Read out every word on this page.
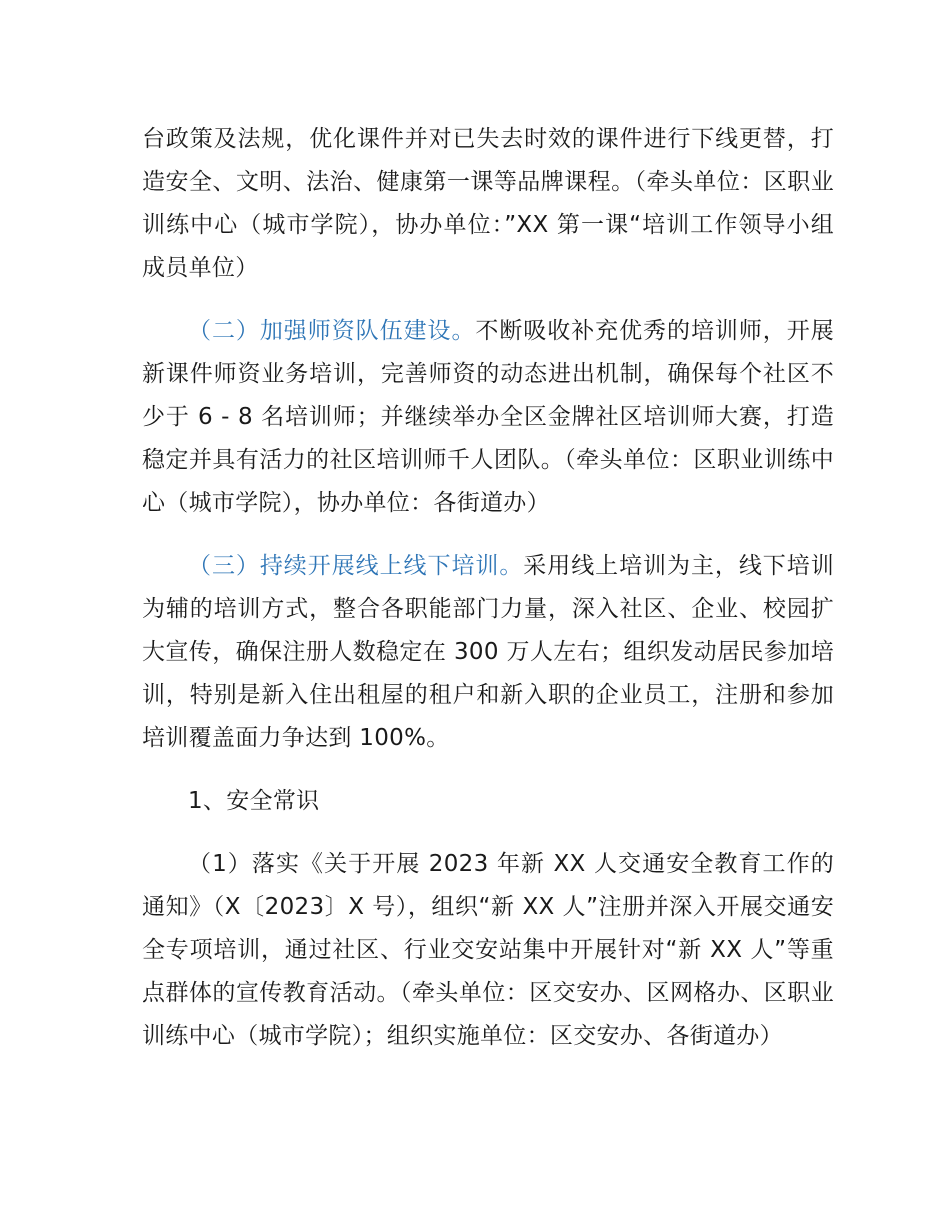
台政策及法规，优化课件并对已失去时效的课件进行下线更替，打造安全、文明、法治、健康第一课等品牌课程。（牵头单位：区职业训练中心（城市学院），协办单位：”XX 第一课“培训工作领导小组成员单位）

（二）加强师资队伍建设。不断吸收补充优秀的培训师，开展新课件师资业务培训，完善师资的动态进出机制，确保每个社区不少于 6 - 8 名培训师；并继续举办全区金牌社区培训师大赛，打造稳定并具有活力的社区培训师千人团队。（牵头单位：区职业训练中心（城市学院），协办单位：各街道办）

（三）持续开展线上线下培训。采用线上培训为主，线下培训为辅的培训方式，整合各职能部门力量，深入社区、企业、校园扩大宣传，确保注册人数稳定在 300 万人左右；组织发动居民参加培训，特别是新入住出租屋的租户和新入职的企业员工，注册和参加培训覆盖面力争达到 100%。

1、安全常识

（1）落实《关于开展 2023 年新 XX 人交通安全教育工作的通知》（X〔2023〕X 号），组织“新 XX 人”注册并深入开展交通安全专项培训，通过社区、行业交安站集中开展针对“新 XX 人”等重点群体的宣传教育活动。（牵头单位：区交安办、区网格办、区职业训练中心（城市学院）；组织实施单位：区交安办、各街道办）
